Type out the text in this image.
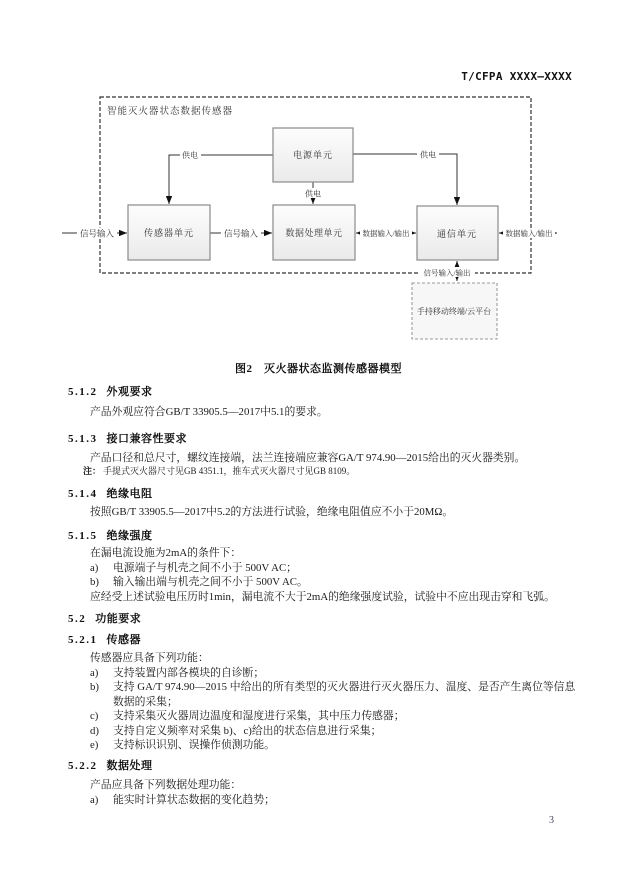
T/CFPA XXXX—XXXX
智能灭火器状态数据传感器
电源单元
传感器单元	数据处理单元	通信单元
手持移动终端/云平台
供电
供电
供电
信号输入	信号输入	数据输入/输出	数据输入/输出
信号输入/输出
图2　灭火器状态监测传感器模型
5.1.2 外观要求
产品外观应符合GB/T 33905.5—2017中5.1的要求。
5.1.3 接口兼容性要求
产品口径和总尺寸，螺纹连接端，法兰连接端应兼容GA/T 974.90—2015给出的灭火器类别。
注： 手提式灭火器尺寸见GB 4351.1，推车式灭火器尺寸见GB 8109。
5.1.4 绝缘电阻
按照GB/T 33905.5—2017中5.2的方法进行试验，绝缘电阻值应不小于20MΩ。
5.1.5 绝缘强度
在漏电流设施为2mA的条件下：
a)	电源端子与机壳之间不小于 500V AC；
b)	输入输出端与机壳之间不小于 500V AC。
应经受上述试验电压历时1min，漏电流不大于2mA的绝缘强度试验，试验中不应出现击穿和飞弧。
5.2 功能要求
5.2.1 传感器
传感器应具备下列功能：
a)	支持装置内部各模块的自诊断；
b)	支持 GA/T 974.90—2015 中给出的所有类型的灭火器进行灭火器压力、温度、是否产生离位等信息数据的采集；
c)	支持采集灭火器周边温度和湿度进行采集，其中压力传感器；
d)	支持自定义频率对采集 b)、c)给出的状态信息进行采集；
e)	支持标识识别、误操作侦测功能。
5.2.2 数据处理
产品应具备下列数据处理功能：
a)	能实时计算状态数据的变化趋势；
3
